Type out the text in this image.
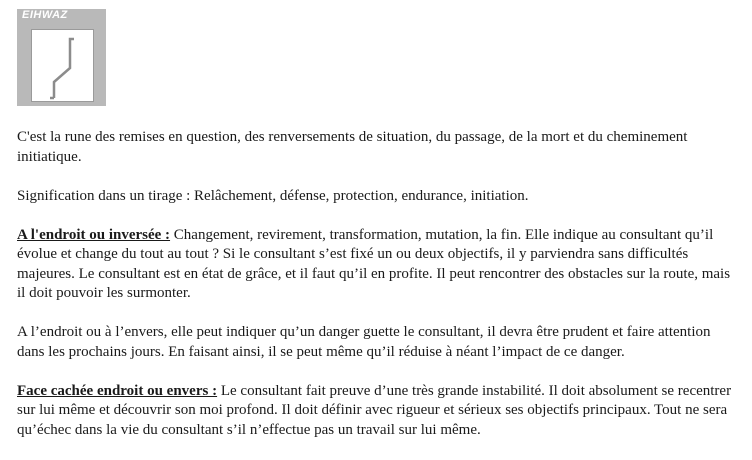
EIHWAZ

C'est la rune des remises en question, des renversements de situation, du passage, de la mort et du cheminement initiatique.

Signification dans un tirage : Relâchement, défense, protection, endurance, initiation.

A l'endroit ou inversée : Changement, revirement, transformation, mutation, la fin. Elle indique au consultant qu’il évolue et change du tout au tout ? Si le consultant s’est fixé un ou deux objectifs, il y parviendra sans difficultés majeures. Le consultant est en état de grâce, et il faut qu’il en profite. Il peut rencontrer des obstacles sur la route, mais il doit pouvoir les surmonter.

A l’endroit ou à l’envers, elle peut indiquer qu’un danger guette le consultant, il devra être prudent et faire attention dans les prochains jours. En faisant ainsi, il se peut même qu’il réduise à néant l’impact de ce danger.

Face cachée endroit ou envers : Le consultant fait preuve d’une très grande instabilité. Il doit absolument se recentrer sur lui même et découvrir son moi profond. Il doit définir avec rigueur et sérieux ses objectifs principaux. Tout ne sera qu’échec dans la vie du consultant s’il n’effectue pas un travail sur lui même.
